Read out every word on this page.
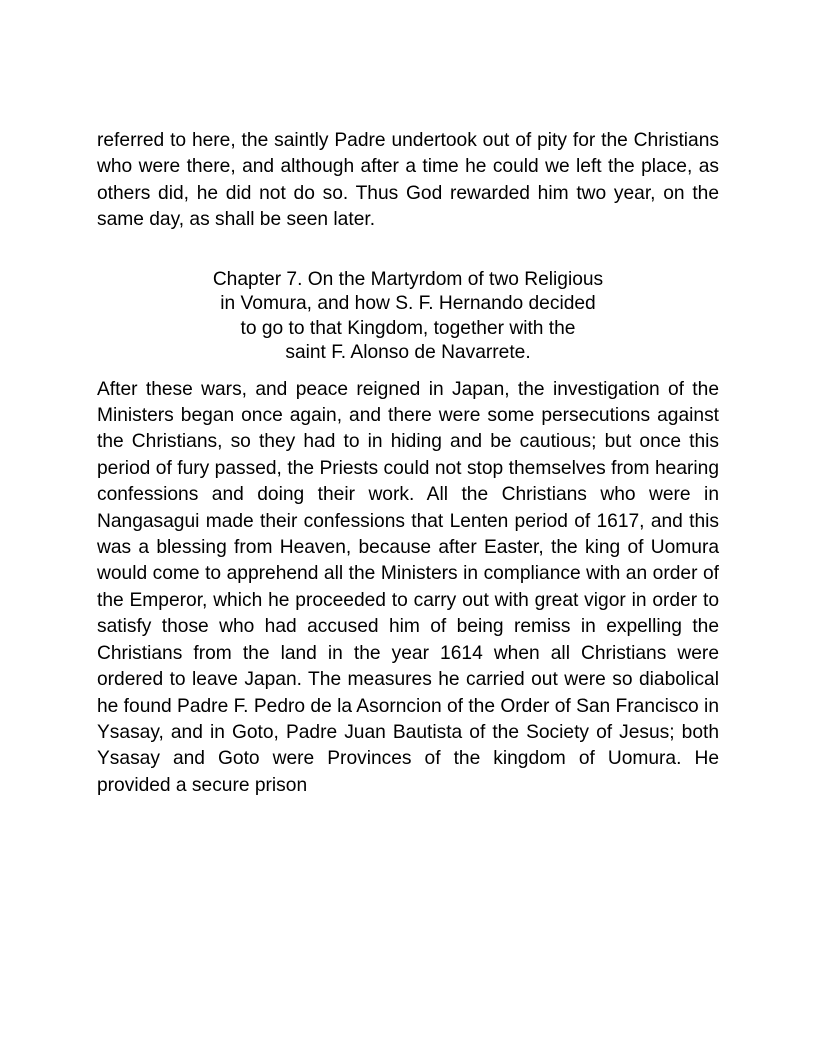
referred to here, the saintly Padre undertook out of pity for the Christians who were there, and although after a time he could we left the place, as others did, he did not do so. Thus God rewarded him two year, on the same day, as shall be seen later.

Chapter 7. On the Martyrdom of two Religious
in Vomura, and how S. F. Hernando decided
to go to that Kingdom, together with the
saint F. Alonso de Navarrete.

After these wars, and peace reigned in Japan, the investigation of the Ministers began once again, and there were some persecutions against the Christians, so they had to in hiding and be cautious; but once this period of fury passed, the Priests could not stop themselves from hearing confessions and doing their work. All the Christians who were in Nangasagui made their confessions that Lenten period of 1617, and this was a blessing from Heaven, because after Easter, the king of Uomura would come to apprehend all the Ministers in compliance with an order of the Emperor, which he proceeded to carry out with great vigor in order to satisfy those who had accused him of being remiss in expelling the Christians from the land in the year 1614 when all Christians were ordered to leave Japan. The measures he carried out were so diabolical he found Padre F. Pedro de la Asorncion of the Order of San Francisco in Ysasay, and in Goto, Padre Juan Bautista of the Society of Jesus; both Ysasay and Goto were Provinces of the kingdom of Uomura. He provided a secure prison
